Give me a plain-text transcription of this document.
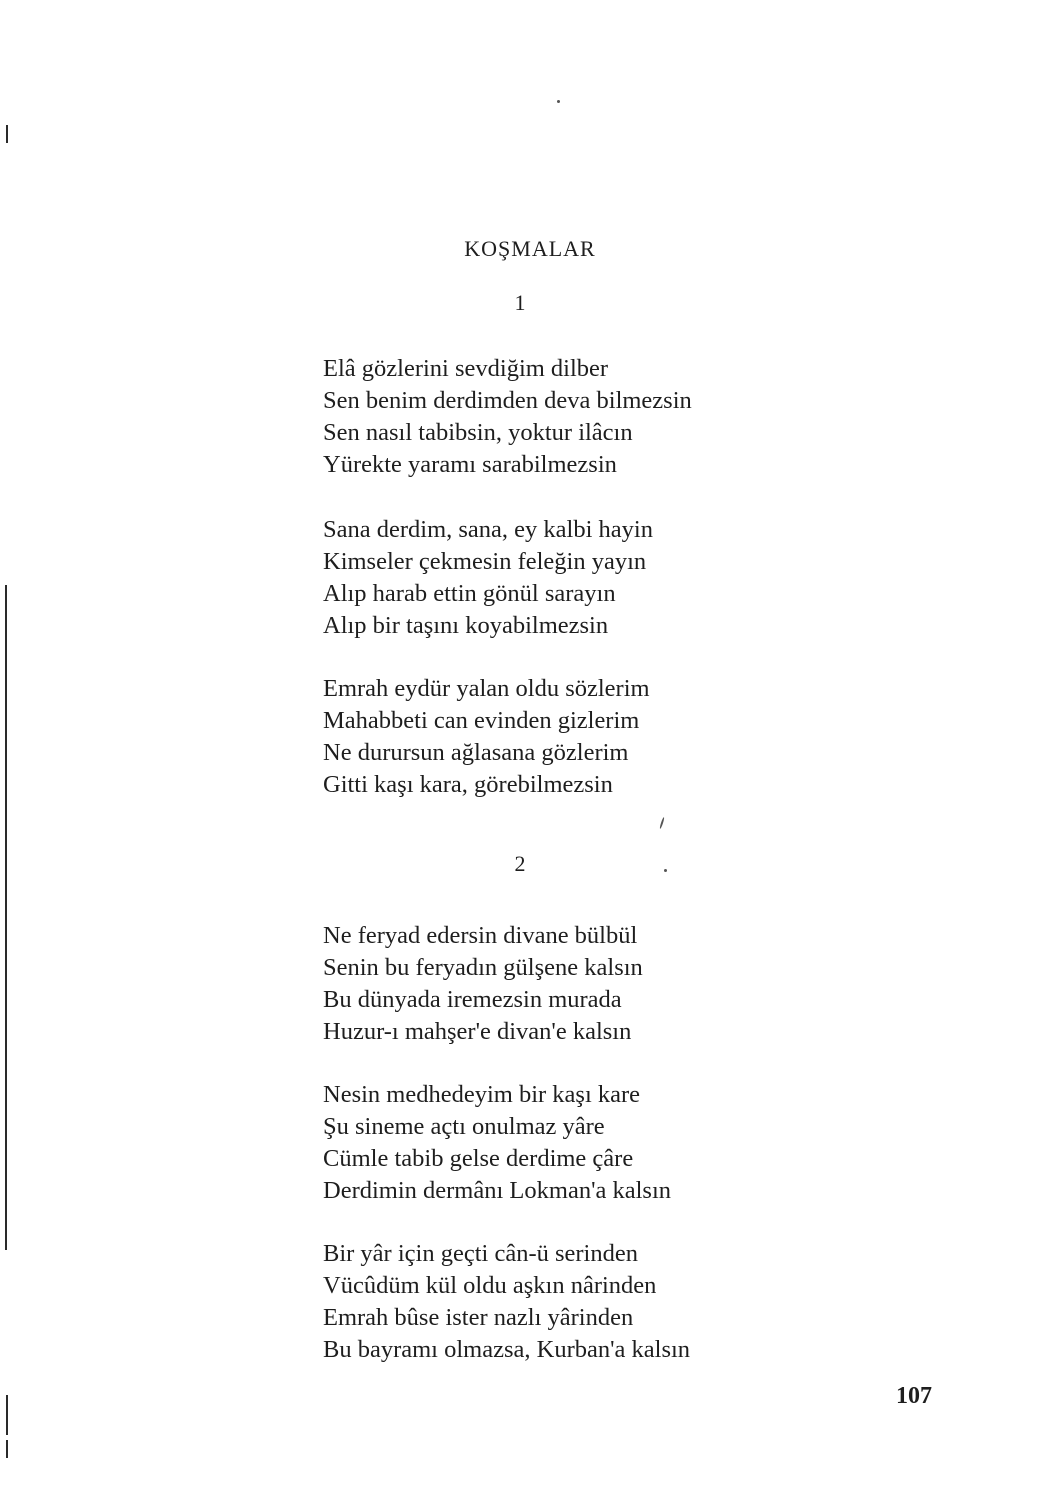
KOŞMALAR
1
Elâ gözlerini sevdiğim dilber
Sen benim derdimden deva bilmezsin
Sen nasıl tabibsin, yoktur ilâcın
Yürekte yaramı sarabilmezsin
Sana derdim, sana, ey kalbi hayin
Kimseler çekmesin feleğin yayın
Alıp harab ettin gönül sarayın
Alıp bir taşını koyabilmezsin
Emrah eydür yalan oldu sözlerim
Mahabbeti can evinden gizlerim
Ne durursun ağlasana gözlerim
Gitti kaşı kara, görebilmezsin
2
Ne feryad edersin divane bülbül
Senin bu feryadın gülşene kalsın
Bu dünyada iremezsin murada
Huzur-ı mahşer'e divan'e kalsın
Nesin medhedeyim bir kaşı kare
Şu sineme açtı onulmaz yâre
Cümle tabib gelse derdime çâre
Derdimin dermânı Lokman'a kalsın
Bir yâr için geçti cân-ü serinden
Vücûdüm kül oldu aşkın nârinden
Emrah bûse ister nazlı yârinden
Bu bayramı olmazsa, Kurban'a kalsın
107
